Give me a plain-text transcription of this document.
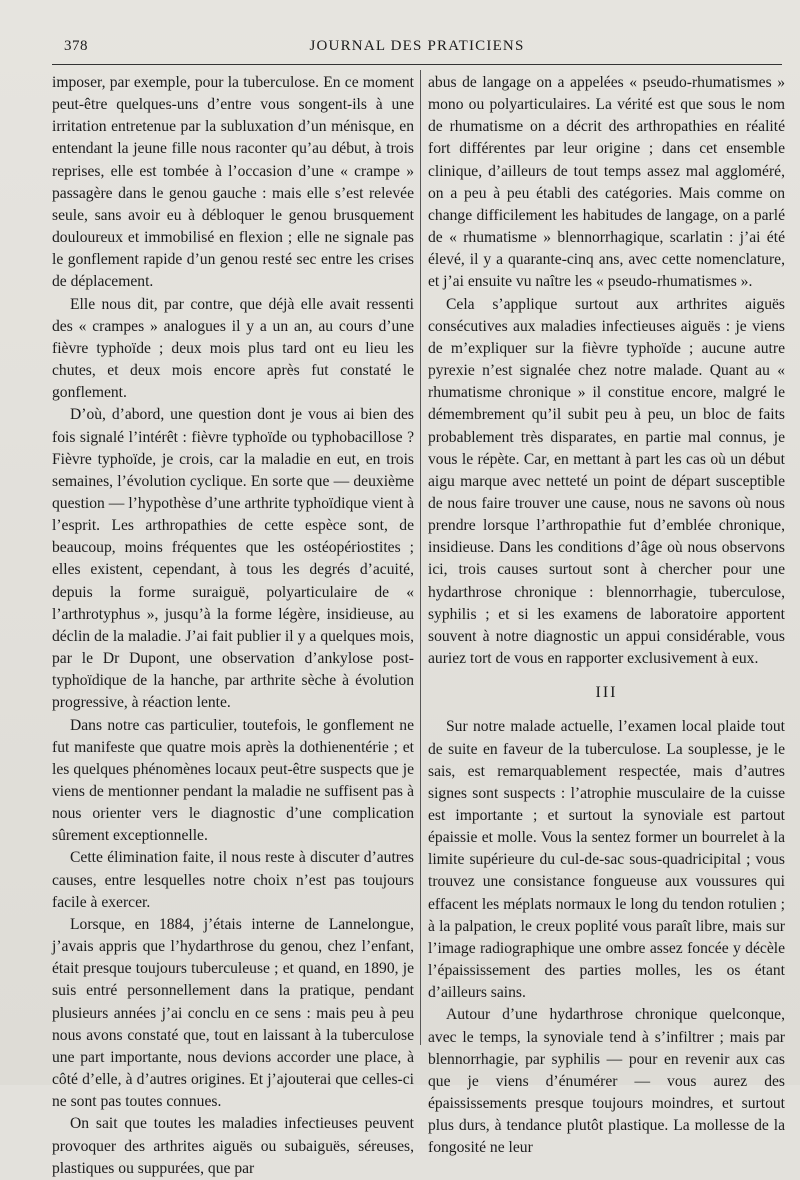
378	JOURNAL DES PRATICIENS

imposer, par exemple, pour la tuberculose. En ce moment peut-être quelques-uns d’entre vous songent-ils à une irritation entretenue par la subluxation d’un ménisque, en entendant la jeune fille nous raconter qu’au début, à trois reprises, elle est tombée à l’occasion d’une « crampe » passagère dans le genou gauche : mais elle s’est relevée seule, sans avoir eu à débloquer le genou brusquement douloureux et immobilisé en flexion ; elle ne signale pas le gonflement rapide d’un genou resté sec entre les crises de déplacement.

Elle nous dit, par contre, que déjà elle avait ressenti des « crampes » analogues il y a un an, au cours d’une fièvre typhoïde ; deux mois plus tard ont eu lieu les chutes, et deux mois encore après fut constaté le gonflement.

D’où, d’abord, une question dont je vous ai bien des fois signalé l’intérêt : fièvre typhoïde ou typhobacillose ? Fièvre typhoïde, je crois, car la maladie en eut, en trois semaines, l’évolution cyclique. En sorte que — deuxième question — l’hypothèse d’une arthrite typhoïdique vient à l’esprit. Les arthropathies de cette espèce sont, de beaucoup, moins fréquentes que les ostéopériostites ; elles existent, cependant, à tous les degrés d’acuité, depuis la forme suraiguë, polyarticulaire de « l’arthrotyphus », jusqu’à la forme légère, insidieuse, au déclin de la maladie. J’ai fait publier il y a quelques mois, par le Dr Dupont, une observation d’ankylose post-typhoïdique de la hanche, par arthrite sèche à évolution progressive, à réaction lente.

Dans notre cas particulier, toutefois, le gonflement ne fut manifeste que quatre mois après la dothienentérie ; et les quelques phénomènes locaux peut-être suspects que je viens de mentionner pendant la maladie ne suffisent pas à nous orienter vers le diagnostic d’une complication sûrement exceptionnelle.

Cette élimination faite, il nous reste à discuter d’autres causes, entre lesquelles notre choix n’est pas toujours facile à exercer.

Lorsque, en 1884, j’étais interne de Lannelongue, j’avais appris que l’hydarthrose du genou, chez l’enfant, était presque toujours tuberculeuse ; et quand, en 1890, je suis entré personnellement dans la pratique, pendant plusieurs années j’ai conclu en ce sens : mais peu à peu nous avons constaté que, tout en laissant à la tuberculose une part importante, nous devions accorder une place, à côté d’elle, à d’autres origines. Et j’ajouterai que celles-ci ne sont pas toutes connues.

On sait que toutes les maladies infectieuses peuvent provoquer des arthrites aiguës ou subaiguës, séreuses, plastiques ou suppurées, que par

abus de langage on a appelées « pseudo-rhumatismes » mono ou polyarticulaires. La vérité est que sous le nom de rhumatisme on a décrit des arthropathies en réalité fort différentes par leur origine ; dans cet ensemble clinique, d’ailleurs de tout temps assez mal aggloméré, on a peu à peu établi des catégories. Mais comme on change difficilement les habitudes de langage, on a parlé de « rhumatisme » blennorrhagique, scarlatin : j’ai été élevé, il y a quarante-cinq ans, avec cette nomenclature, et j’ai ensuite vu naître les « pseudo-rhumatismes ».

Cela s’applique surtout aux arthrites aiguës consécutives aux maladies infectieuses aiguës : je viens de m’expliquer sur la fièvre typhoïde ; aucune autre pyrexie n’est signalée chez notre malade. Quant au « rhumatisme chronique » il constitue encore, malgré le démembrement qu’il subit peu à peu, un bloc de faits probablement très disparates, en partie mal connus, je vous le répète. Car, en mettant à part les cas où un début aigu marque avec netteté un point de départ susceptible de nous faire trouver une cause, nous ne savons où nous prendre lorsque l’arthropathie fut d’emblée chronique, insidieuse. Dans les conditions d’âge où nous observons ici, trois causes surtout sont à chercher pour une hydarthrose chronique : blennorrhagie, tuberculose, syphilis ; et si les examens de laboratoire apportent souvent à notre diagnostic un appui considérable, vous auriez tort de vous en rapporter exclusivement à eux.

III

Sur notre malade actuelle, l’examen local plaide tout de suite en faveur de la tuberculose. La souplesse, je le sais, est remarquablement respectée, mais d’autres signes sont suspects : l’atrophie musculaire de la cuisse est importante ; et surtout la synoviale est partout épaissie et molle. Vous la sentez former un bourrelet à la limite supérieure du cul-de-sac sous-quadricipital ; vous trouvez une consistance fongueuse aux voussures qui effacent les méplats normaux le long du tendon rotulien ; à la palpation, le creux poplité vous paraît libre, mais sur l’image radiographique une ombre assez foncée y décèle l’épaississement des parties molles, les os étant d’ailleurs sains.

Autour d’une hydarthrose chronique quelconque, avec le temps, la synoviale tend à s’infiltrer ; mais par blennorrhagie, par syphilis — pour en revenir aux cas que je viens d’énumérer — vous aurez des épaississements presque toujours moindres, et surtout plus durs, à tendance plutôt plastique. La mollesse de la fongosité ne leur
